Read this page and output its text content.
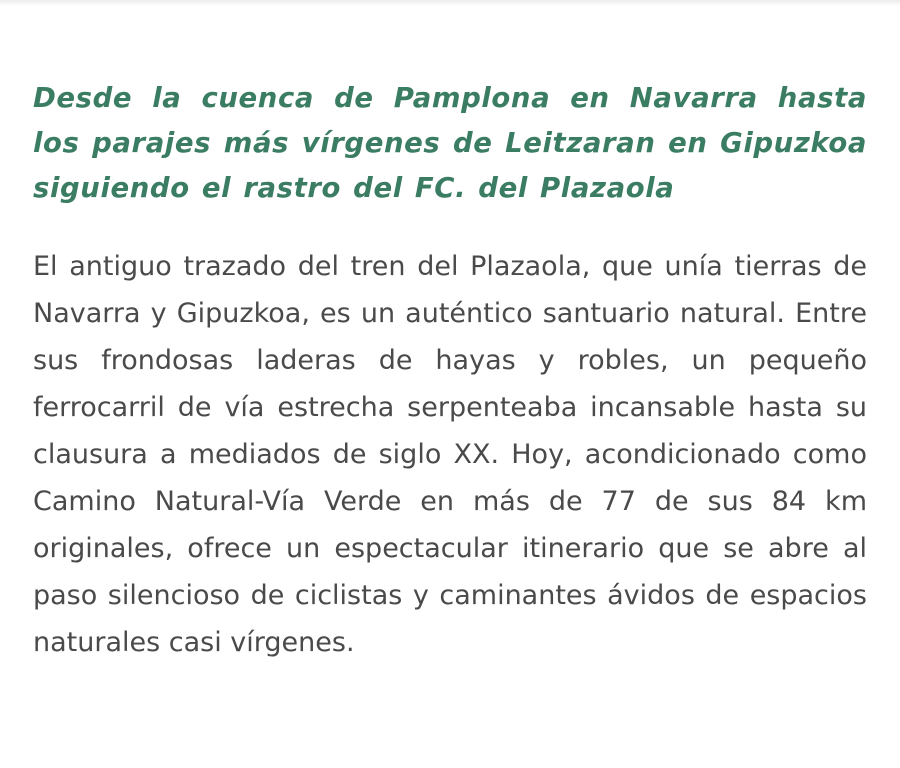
Desde la cuenca de Pamplona en Navarra hasta los parajes más vírgenes de Leitzaran en Gipuzkoa siguiendo el rastro del FC. del Plazaola

El antiguo trazado del tren del Plazaola, que unía tierras de Navarra y Gipuzkoa, es un auténtico santuario natural. Entre sus frondosas laderas de hayas y robles, un pequeño ferrocarril de vía estrecha serpenteaba incansable hasta su clausura a mediados de siglo XX. Hoy, acondicionado como Camino Natural-Vía Verde en más de 77 de sus 84 km originales, ofrece un espectacular itinerario que se abre al paso silencioso de ciclistas y caminantes ávidos de espacios naturales casi vírgenes.
